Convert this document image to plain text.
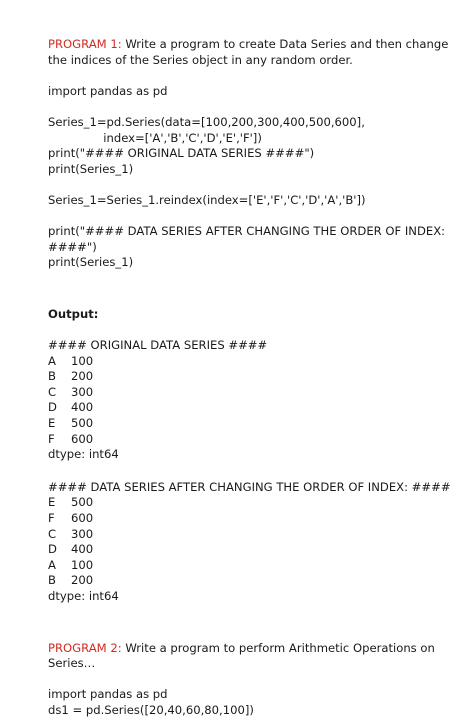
PROGRAM 1: Write a program to create Data Series and then change the indices of the Series object in any random order.
import pandas as pd

Series_1=pd.Series(data=[100,200,300,400,500,600],
index=['A','B','C','D','E','F'])
print("#### ORIGINAL DATA SERIES ####")
print(Series_1)

Series_1=Series_1.reindex(index=['E','F','C','D','A','B'])

print("#### DATA SERIES AFTER CHANGING THE ORDER OF INDEX:
####")
print(Series_1)
Output:
#### ORIGINAL DATA SERIES ####
A	100
B	200
C	300
D	400
E	500
F	600
dtype: int64
#### DATA SERIES AFTER CHANGING THE ORDER OF INDEX: ####
E	500
F	600
C	300
D	400
A	100
B	200
dtype: int64
PROGRAM 2: Write a program to perform Arithmetic Operations on Series…
import pandas as pd
ds1 = pd.Series([20,40,60,80,100])
